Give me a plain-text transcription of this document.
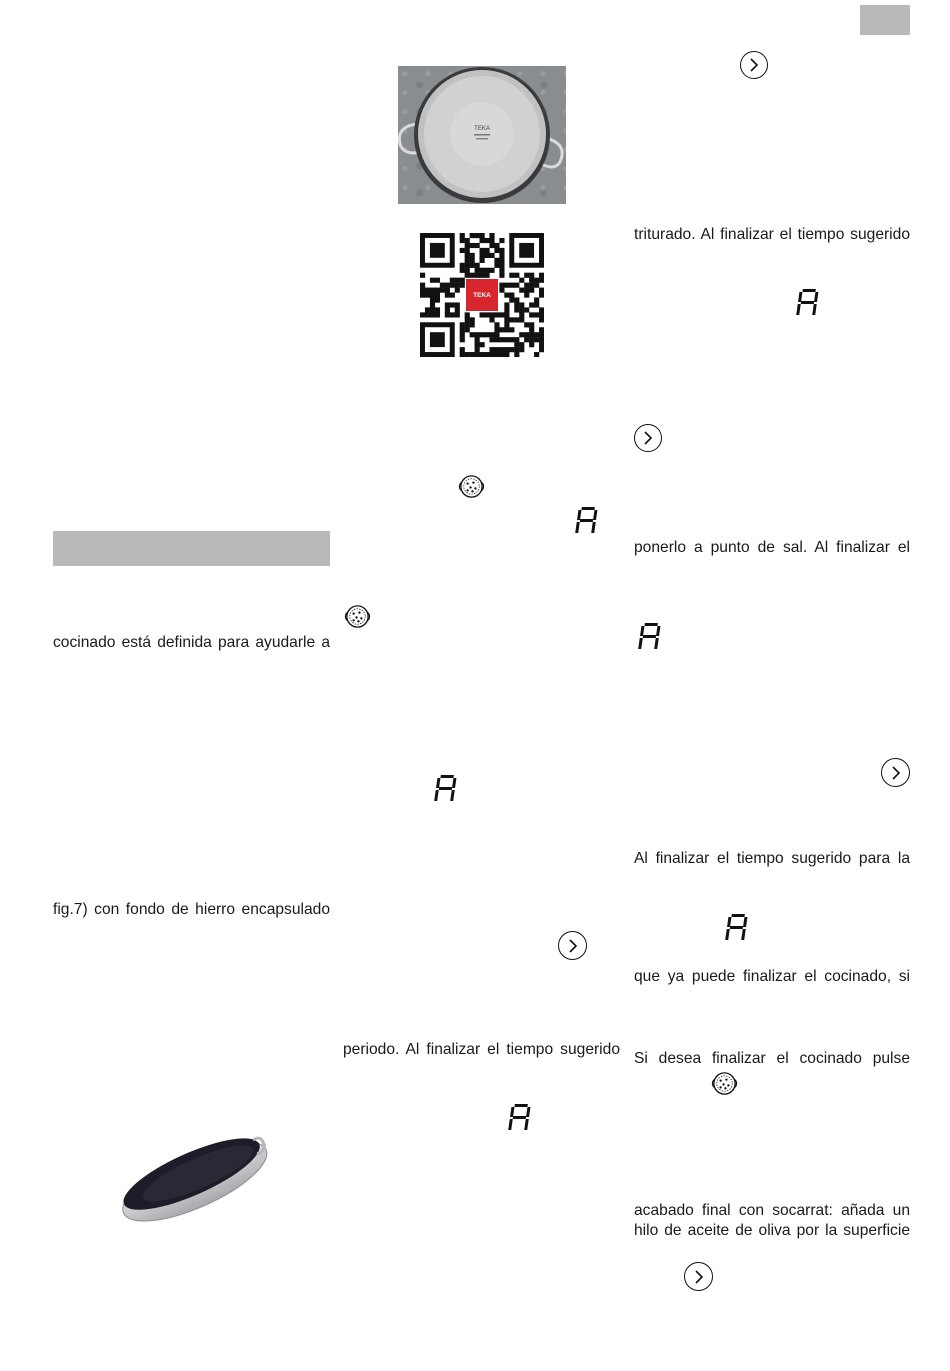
cocinado está definida para ayudarle a
fig.7) con fondo de hierro encapsulado
TEKA
TEKA
periodo. Al finalizar el tiempo sugerido
triturado. Al finalizar el tiempo sugerido
ponerlo a punto de sal. Al finalizar el
Al finalizar el tiempo sugerido para la
que ya puede finalizar el cocinado, si
Si desea finalizar el cocinado pulse
acabado final con socarrat: añada un
hilo de aceite de oliva por la superficie
